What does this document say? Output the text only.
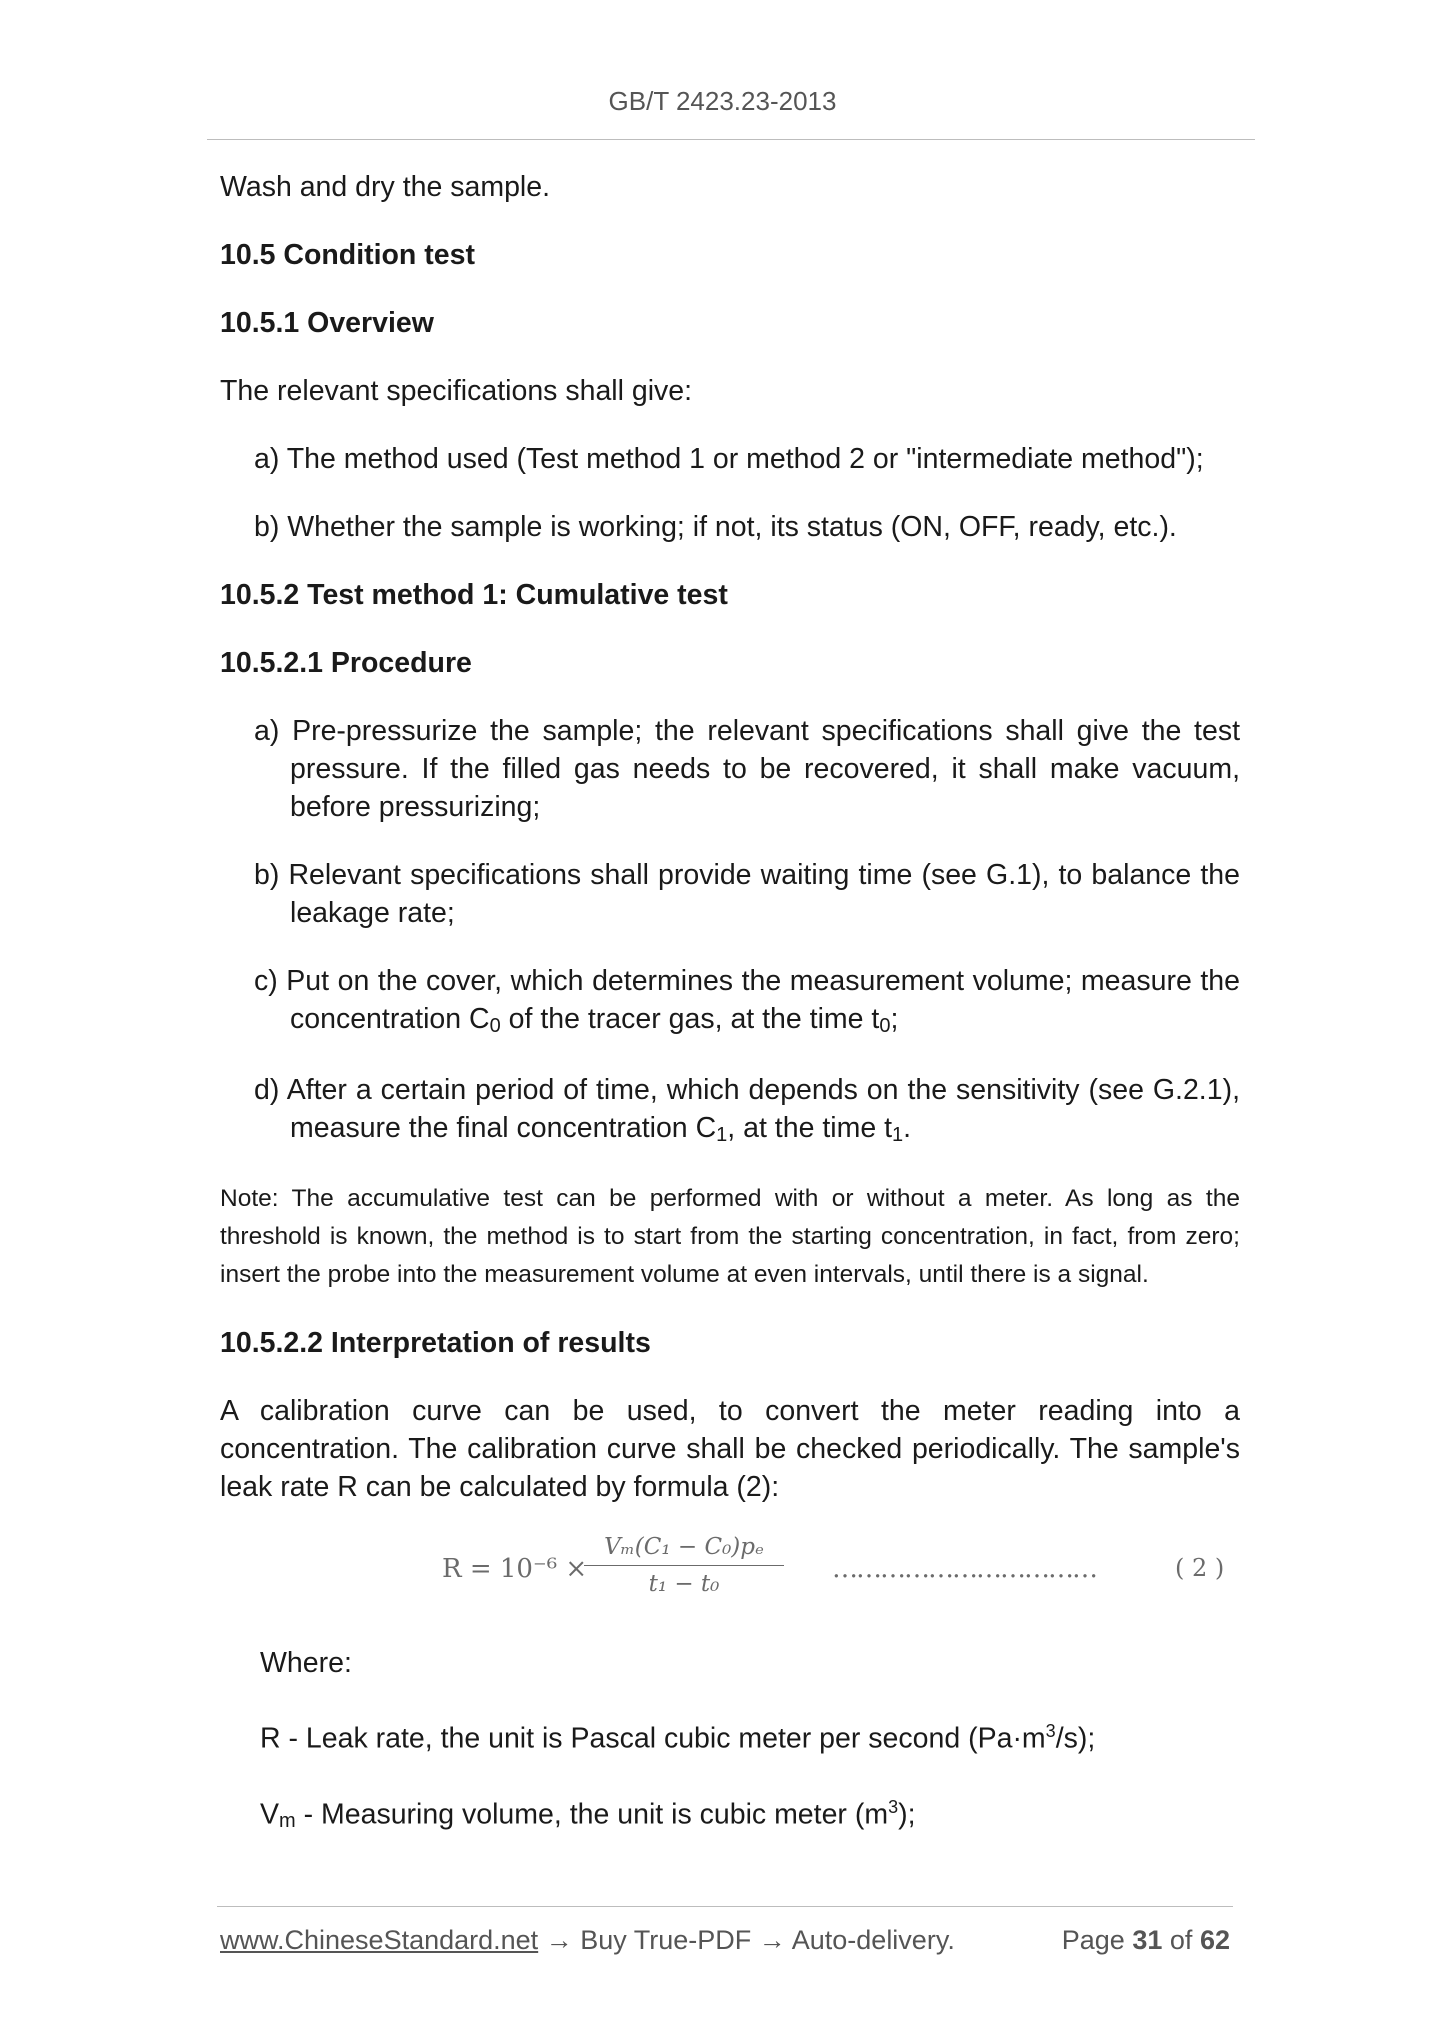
GB/T 2423.23-2013

Wash and dry the sample.

10.5 Condition test

10.5.1 Overview

The relevant specifications shall give:

a) The method used (Test method 1 or method 2 or "intermediate method");

b) Whether the sample is working; if not, its status (ON, OFF, ready, etc.).

10.5.2 Test method 1: Cumulative test

10.5.2.1 Procedure

a) Pre-pressurize the sample; the relevant specifications shall give the test pressure. If the filled gas needs to be recovered, it shall make vacuum, before pressurizing;

b) Relevant specifications shall provide waiting time (see G.1), to balance the leakage rate;

c) Put on the cover, which determines the measurement volume; measure the concentration C0 of the tracer gas, at the time t0;

d) After a certain period of time, which depends on the sensitivity (see G.2.1), measure the final concentration C1, at the time t1.

Note: The accumulative test can be performed with or without a meter. As long as the threshold is known, the method is to start from the starting concentration, in fact, from zero; insert the probe into the measurement volume at even intervals, until there is a signal.

10.5.2.2 Interpretation of results

A calibration curve can be used, to convert the meter reading into a concentration. The calibration curve shall be checked periodically. The sample's leak rate R can be calculated by formula (2):

R = 10⁻⁶ ×
Vₘ(C₁ − C₀)pₑ
t₁ − t₀	……………………………	( 2 )

Where:

R - Leak rate, the unit is Pascal cubic meter per second $(Pa\cdot m^3/s)$;

Vm - Measuring volume, the unit is cubic meter $(m^3)$;

www.ChineseStandard.net → Buy True-PDF → Auto-delivery.	Page 31 of 62
